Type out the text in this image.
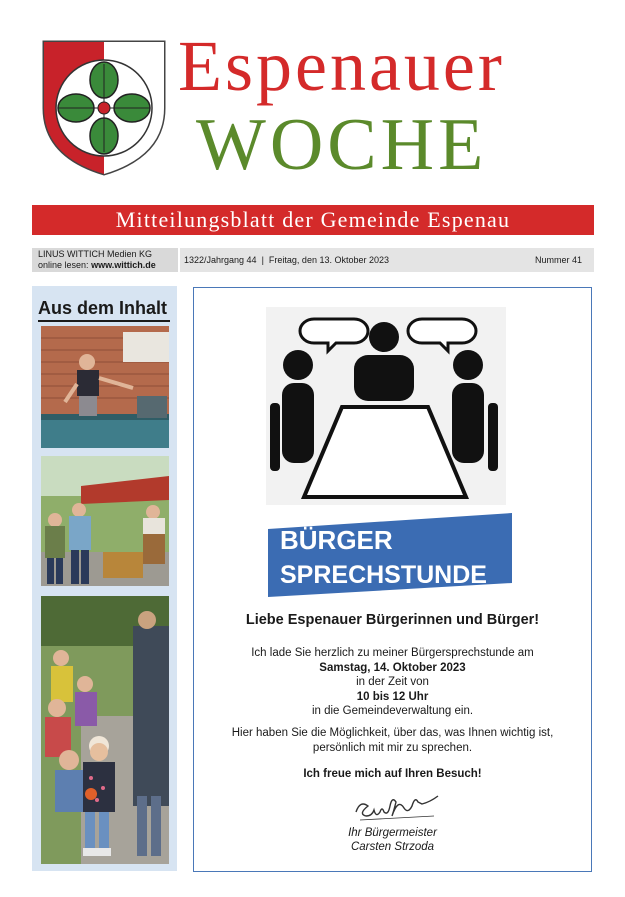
Espenauer
WOCHE
Mitteilungsblatt der Gemeinde Espenau
LINUS WITTICH Medien KG
online lesen: www.wittich.de	1322/Jahrgang 44  |  Freitag, den 13. Oktober 2023	Nummer 41
Aus dem Inhalt
BÜRGER
SPRECHSTUNDE
Liebe Espenauer Bürgerinnen und Bürger!
Ich lade Sie herzlich zu meiner Bürgersprechstunde am
Samstag, 14. Oktober 2023
in der Zeit von
10 bis 12 Uhr
in die Gemeindeverwaltung ein.
Hier haben Sie die Möglichkeit, über das, was Ihnen wichtig ist,
persönlich mit mir zu sprechen.
Ich freue mich auf Ihren Besuch!
Ihr Bürgermeister
Carsten Strzoda
